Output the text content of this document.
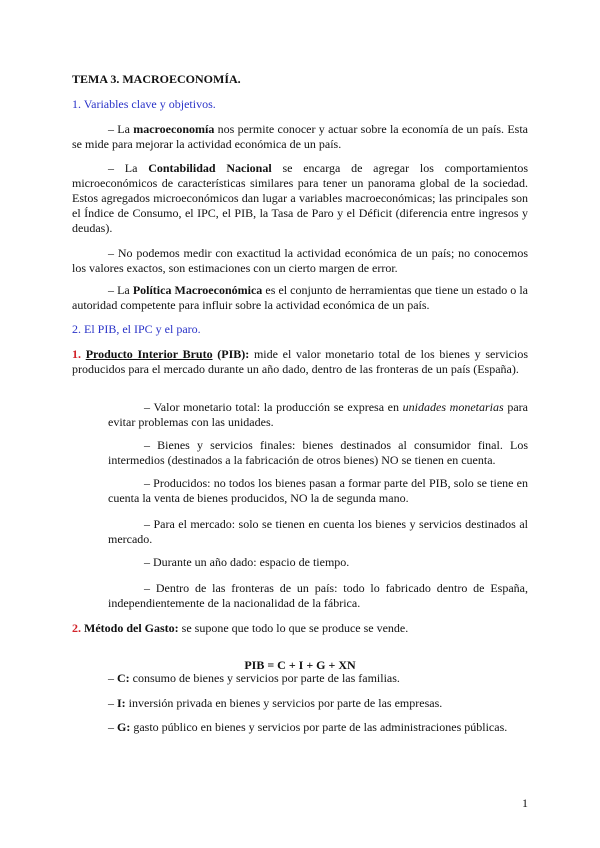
TEMA 3. MACROECONOMÍA.

1. Variables clave y objetivos.

– La macroeconomía nos permite conocer y actuar sobre la economía de un país. Esta se mide para mejorar la actividad económica de un país.

– La Contabilidad Nacional se encarga de agregar los comportamientos microeconómicos de características similares para tener un panorama global de la sociedad. Estos agregados microeconómicos dan lugar a variables macroeconómicas; las principales son el Índice de Consumo, el IPC, el PIB, la Tasa de Paro y el Déficit (diferencia entre ingresos y deudas).

– No podemos medir con exactitud la actividad económica de un país; no conocemos los valores exactos, son estimaciones con un cierto margen de error.

– La Política Macroeconómica es el conjunto de herramientas que tiene un estado o la autoridad competente para influir sobre la actividad económica de un país.

2. El PIB, el IPC y el paro.

1. Producto Interior Bruto (PIB): mide el valor monetario total de los bienes y servicios producidos para el mercado durante un año dado, dentro de las fronteras de un país (España).

– Valor monetario total: la producción se expresa en unidades monetarias para evitar problemas con las unidades.

– Bienes y servicios finales: bienes destinados al consumidor final. Los intermedios (destinados a la fabricación de otros bienes) NO se tienen en cuenta.

– Producidos: no todos los bienes pasan a formar parte del PIB, solo se tiene en cuenta la venta de bienes producidos, NO la de segunda mano.

– Para el mercado: solo se tienen en cuenta los bienes y servicios destinados al mercado.

– Durante un año dado: espacio de tiempo.

– Dentro de las fronteras de un país: todo lo fabricado dentro de España, independientemente de la nacionalidad de la fábrica.

2. Método del Gasto: se supone que todo lo que se produce se vende.

PIB = C + I + G + XN

– C: consumo de bienes y servicios por parte de las familias.

– I: inversión privada en bienes y servicios por parte de las empresas.

– G: gasto público en bienes y servicios por parte de las administraciones públicas.

1
